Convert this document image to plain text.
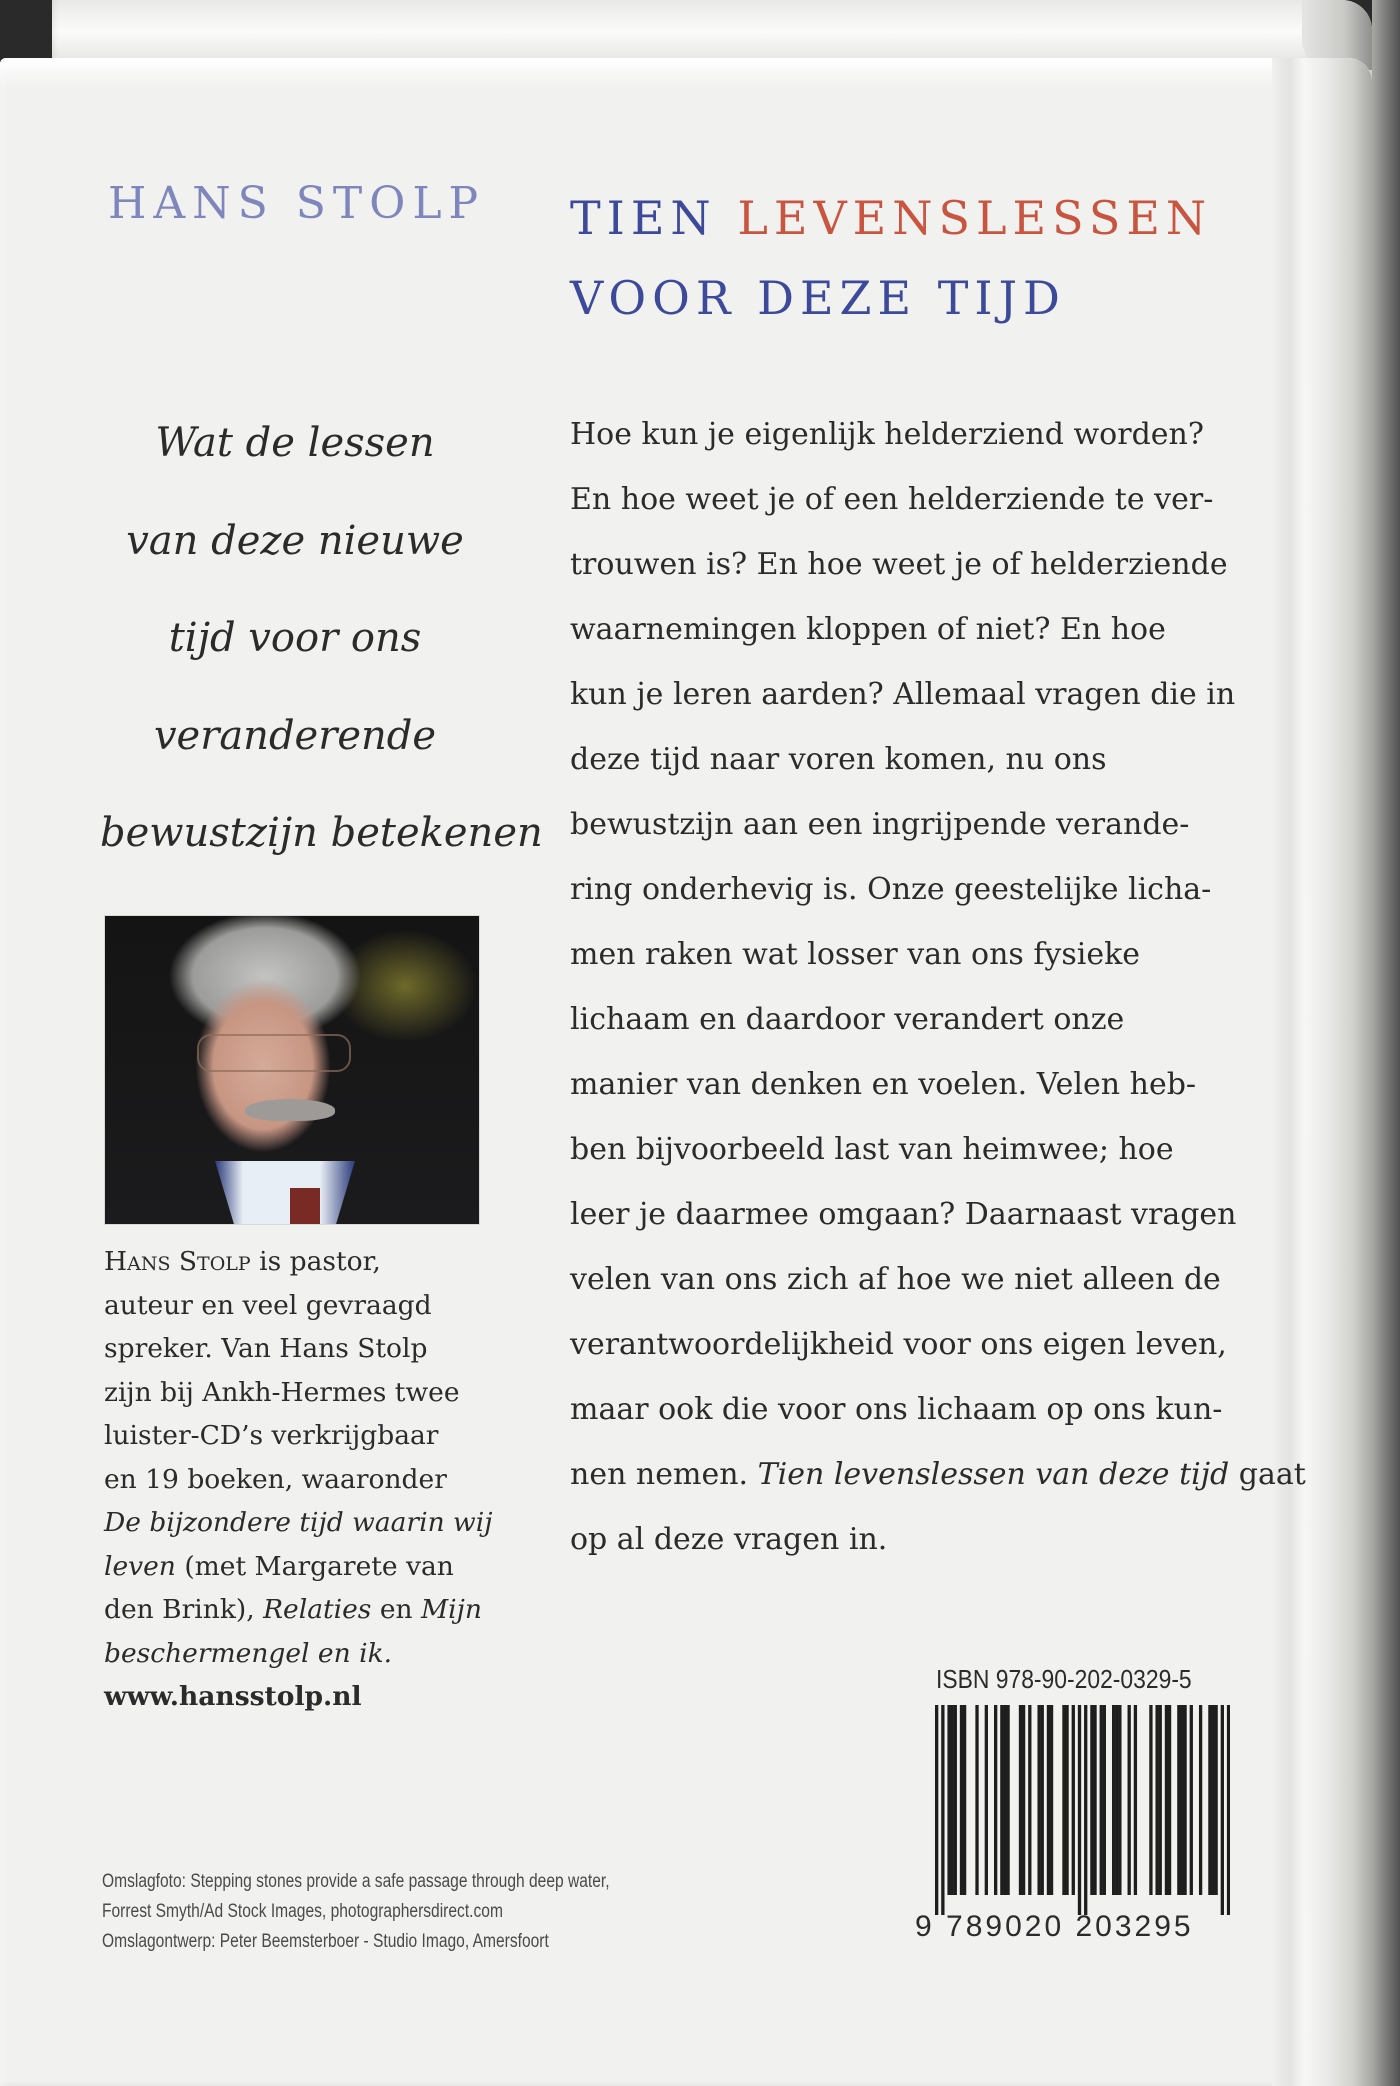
HANS STOLP TIEN LEVENSLESSEN
VOOR DEZE TIJD
Wat de lessen
van deze nieuwe
tijd voor ons
veranderende
bewustzijn betekenen
Hans Stolp is pastor,
auteur en veel gevraagd
spreker. Van Hans Stolp
zijn bij Ankh-Hermes twee
luister-CD’s verkrijgbaar
en 19 boeken, waaronder
De bijzondere tijd waarin wij
leven (met Margarete van
den Brink), Relaties en Mijn
beschermengel en ik.
www.hansstolp.nl
Hoe kun je eigenlijk helderziend worden?
En hoe weet je of een helderziende te ver-
trouwen is? En hoe weet je of helderziende
waarnemingen kloppen of niet? En hoe
kun je leren aarden? Allemaal vragen die in
deze tijd naar voren komen, nu ons
bewustzijn aan een ingrijpende verande-
ring onderhevig is. Onze geestelijke licha-
men raken wat losser van ons fysieke
lichaam en daardoor verandert onze
manier van denken en voelen. Velen heb-
ben bijvoorbeeld last van heimwee; hoe
leer je daarmee omgaan? Daarnaast vragen
velen van ons zich af hoe we niet alleen de
verantwoordelijkheid voor ons eigen leven,
maar ook die voor ons lichaam op ons kun-
nen nemen. Tien levenslessen van deze tijd gaat
op al deze vragen in.
ISBN 978-90-202-0329-5
9 789020 203295
Omslagfoto: Stepping stones provide a safe passage through deep water,
Forrest Smyth/Ad Stock Images, photographersdirect.com
Omslagontwerp: Peter Beemsterboer - Studio Imago, Amersfoort
